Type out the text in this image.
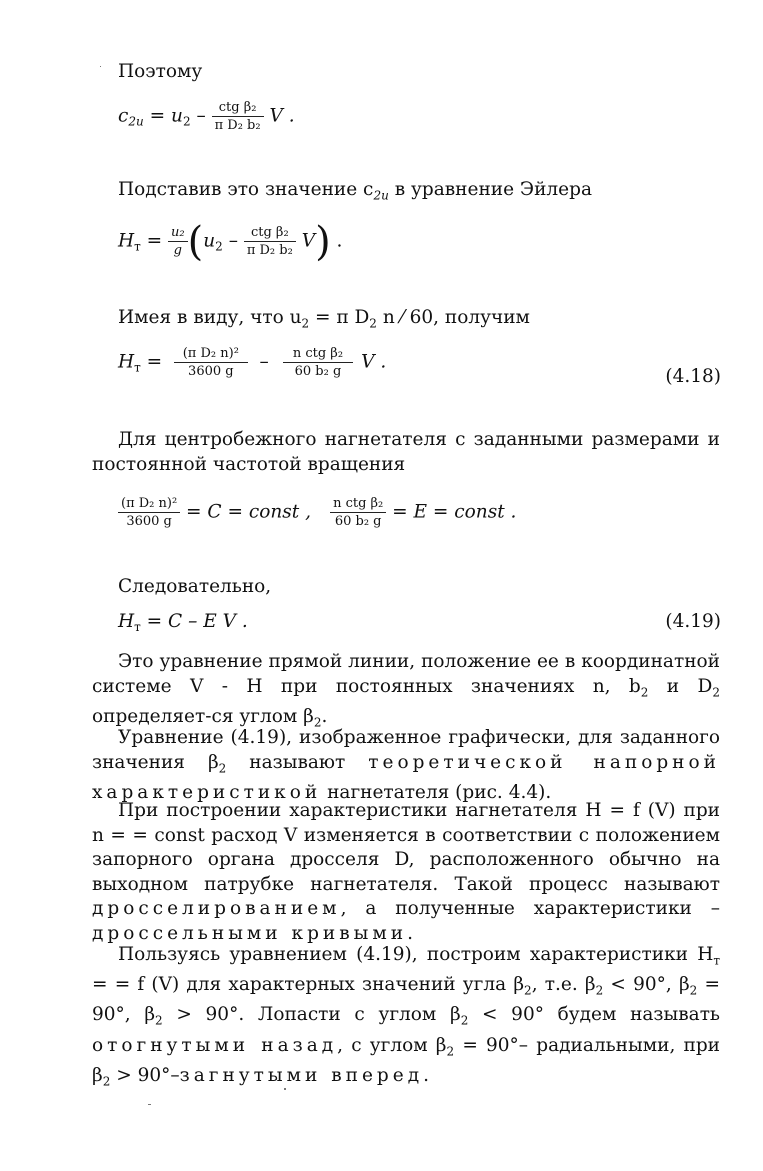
Поэтому
$c_{2u} = u_2 - \frac{\text{ctg β₂}}{\text{π D₂ b₂}}$ V .
Подставив это значение $c_{2u}$ в уравнение Эйлера
$H_т = \frac{\text{u₂}}{g} (u_2 - \frac{\text{ctg β₂}}{\text{π D₂ b₂}} V)$ .
Имея в виду, что $u_2 = \pi$ $D_2$ n ⁄ 60, получим
$H_т = \frac{\text{(π D₂ n)²}}{3600 g} - \frac{\text{n ctg β₂}}{\text{60 b₂ g}}$ V .
(4.18)
Для центробежного нагнетателя с заданными размерами и постоянной частотой вращения
$\frac{\text{(π D₂ n)²}}{3600 g} = C$ = const , $\frac{\text{n ctg β₂}}{\text{60 b₂ g}} = E$ = const .
Следовательно,
$H_т = C - E$ V .	(4.19)
Это уравнение прямой линии, положение ее в координатной системе V - H при постоянных значениях n, $b_2$ и $D_2$ определяет-ся углом $\beta_2$.
Уравнение (4.19), изображенное графически, для заданного значения $\beta_2$ называют теоретической напорной характеристикой нагнетателя (рис. 4.4).
При построении характеристики нагнетателя H = f (V) при n = = const расход V изменяется в соответствии с положением запорного органа дросселя D, расположенного обычно на выходном патрубке нагнетателя. Такой процесс называют дросселированием, а полученные характеристики – дроссельными кривыми.
Пользуясь уравнением (4.19), построим характеристики $H_т$ = = f (V) для характерных значений угла $\beta_2$, т.е. $\beta_2 < 90^\circ$, $\beta_2 = 90^\circ$, $\beta_2 > 90^\circ$. Лопасти с углом $\beta_2 < 90^\circ$ будем называть отогнутыми назад, с углом $\beta_2 = 90^\circ-$ радиальными, при $\beta_2$ > 90°–загнутыми вперед.
